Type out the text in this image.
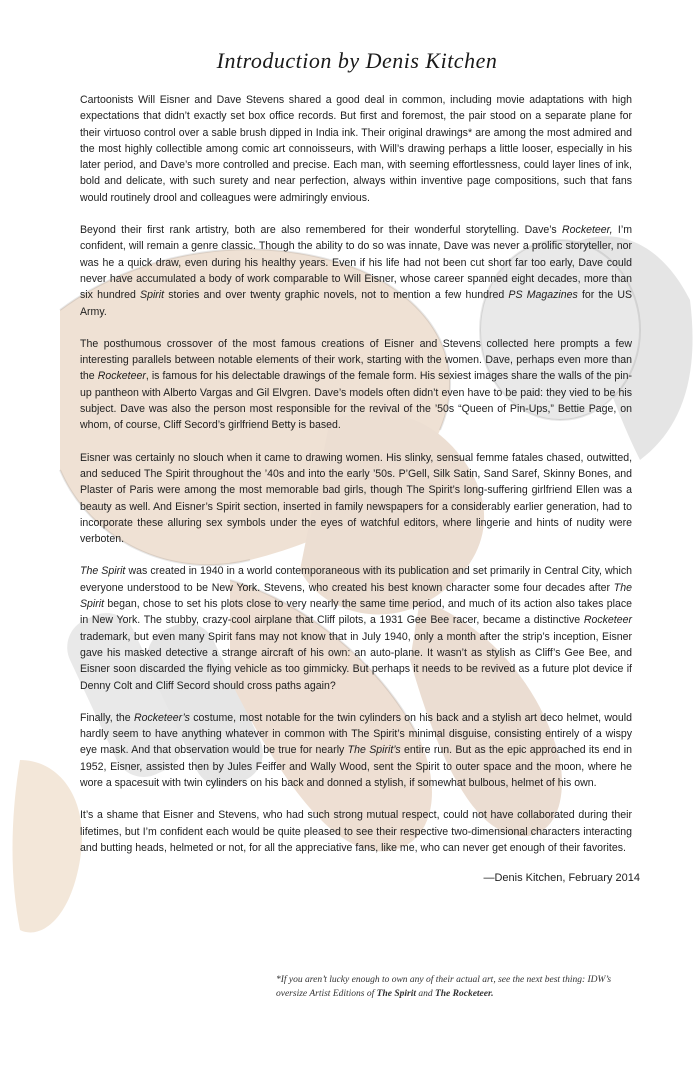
Introduction by Denis Kitchen

Cartoonists Will Eisner and Dave Stevens shared a good deal in common, including movie adaptations with high expectations that didn’t exactly set box office records. But first and foremost, the pair stood on a separate plane for their virtuoso control over a sable brush dipped in India ink. Their original drawings* are among the most admired and the most highly collectible among comic art connoisseurs, with Will’s drawing perhaps a little looser, especially in his later period, and Dave’s more controlled and precise. Each man, with seeming effortlessness, could layer lines of ink, bold and delicate, with such surety and near perfection, always within inventive page compositions, such that fans would routinely drool and colleagues were admiringly envious.

Beyond their first rank artistry, both are also remembered for their wonderful storytelling. Dave’s Rocketeer, I’m confident, will remain a genre classic. Though the ability to do so was innate, Dave was never a prolific storyteller, nor was he a quick draw, even during his healthy years. Even if his life had not been cut short far too early, Dave could never have accumulated a body of work comparable to Will Eisner, whose career spanned eight decades, more than six hundred Spirit stories and over twenty graphic novels, not to mention a few hundred PS Magazines for the US Army.

The posthumous crossover of the most famous creations of Eisner and Stevens collected here prompts a few interesting parallels between notable elements of their work, starting with the women. Dave, perhaps even more than the Rocketeer, is famous for his delectable drawings of the female form. His sexiest images share the walls of the pin-up pantheon with Alberto Vargas and Gil Elvgren. Dave’s models often didn’t even have to be paid: they vied to be his subject. Dave was also the person most responsible for the revival of the ’50s “Queen of Pin-Ups,” Bettie Page, on whom, of course, Cliff Secord’s girlfriend Betty is based.

Eisner was certainly no slouch when it came to drawing women. His slinky, sensual femme fatales chased, outwitted, and seduced The Spirit throughout the ’40s and into the early ’50s. P’Gell, Silk Satin, Sand Saref, Skinny Bones, and Plaster of Paris were among the most memorable bad girls, though The Spirit’s long-suffering girlfriend Ellen was a beauty as well. And Eisner’s Spirit section, inserted in family newspapers for a considerably earlier generation, had to incorporate these alluring sex symbols under the eyes of watchful editors, where lingerie and hints of nudity were verboten.

The Spirit was created in 1940 in a world contemporaneous with its publication and set primarily in Central City, which everyone understood to be New York. Stevens, who created his best known character some four decades after The Spirit began, chose to set his plots close to very nearly the same time period, and much of its action also takes place in New York. The stubby, crazy-cool airplane that Cliff pilots, a 1931 Gee Bee racer, became a distinctive Rocketeer trademark, but even many Spirit fans may not know that in July 1940, only a month after the strip’s inception, Eisner gave his masked detective a strange aircraft of his own: an auto-plane. It wasn’t as stylish as Cliff’s Gee Bee, and Eisner soon discarded the flying vehicle as too gimmicky. But perhaps it needs to be revived as a future plot device if Denny Colt and Cliff Secord should cross paths again?

Finally, the Rocketeer’s costume, most notable for the twin cylinders on his back and a stylish art deco helmet, would hardly seem to have anything whatever in common with The Spirit’s minimal disguise, consisting entirely of a wispy eye mask. And that observation would be true for nearly The Spirit’s entire run. But as the epic approached its end in 1952, Eisner, assisted then by Jules Feiffer and Wally Wood, sent the Spirit to outer space and the moon, where he wore a spacesuit with twin cylinders on his back and donned a stylish, if somewhat bulbous, helmet of his own.

It’s a shame that Eisner and Stevens, who had such strong mutual respect, could not have collaborated during their lifetimes, but I’m confident each would be quite pleased to see their respective two-dimensional characters interacting and butting heads, helmeted or not, for all the appreciative fans, like me, who can never get enough of their favorites.

—Denis Kitchen, February 2014
*If you aren’t lucky enough to own any of their actual art, see the next best thing: IDW’s oversize Artist Editions of The Spirit and The Rocketeer.
